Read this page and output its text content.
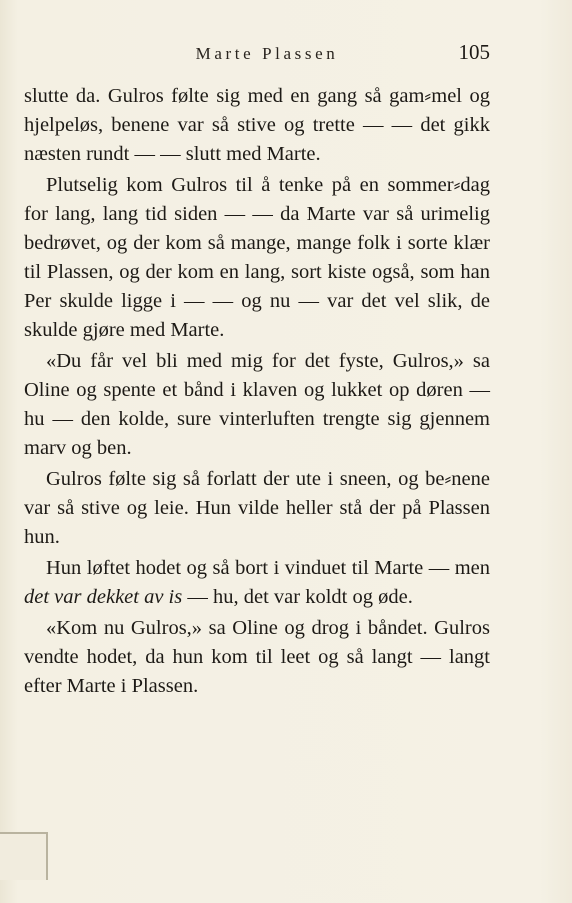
Marte Plassen	105

slutte da. Gulros følte sig med en gang så gam⸗mel og hjelpeløs, benene var så stive og trette — — det gikk næsten rundt — — slutt med Marte.

Plutselig kom Gulros til å tenke på en sommer⸗dag for lang, lang tid siden — — da Marte var så urimelig bedrøvet, og der kom så mange, mange folk i sorte klær til Plassen, og der kom en lang, sort kiste også, som han Per skulde ligge i — — og nu — var det vel slik, de skulde gjøre med Marte.

«Du får vel bli med mig for det fyste, Gulros,» sa Oline og spente et bånd i klaven og lukket op døren — hu — den kolde, sure vinterluften trengte sig gjennem marv og ben.

Gulros følte sig så forlatt der ute i sneen, og be⸗nene var så stive og leie. Hun vilde heller stå der på Plassen hun.

Hun løftet hodet og så bort i vinduet til Marte — men det var dekket av is — hu, det var koldt og øde.

«Kom nu Gulros,» sa Oline og drog i båndet. Gulros vendte hodet, da hun kom til leet og så langt — langt efter Marte i Plassen.
